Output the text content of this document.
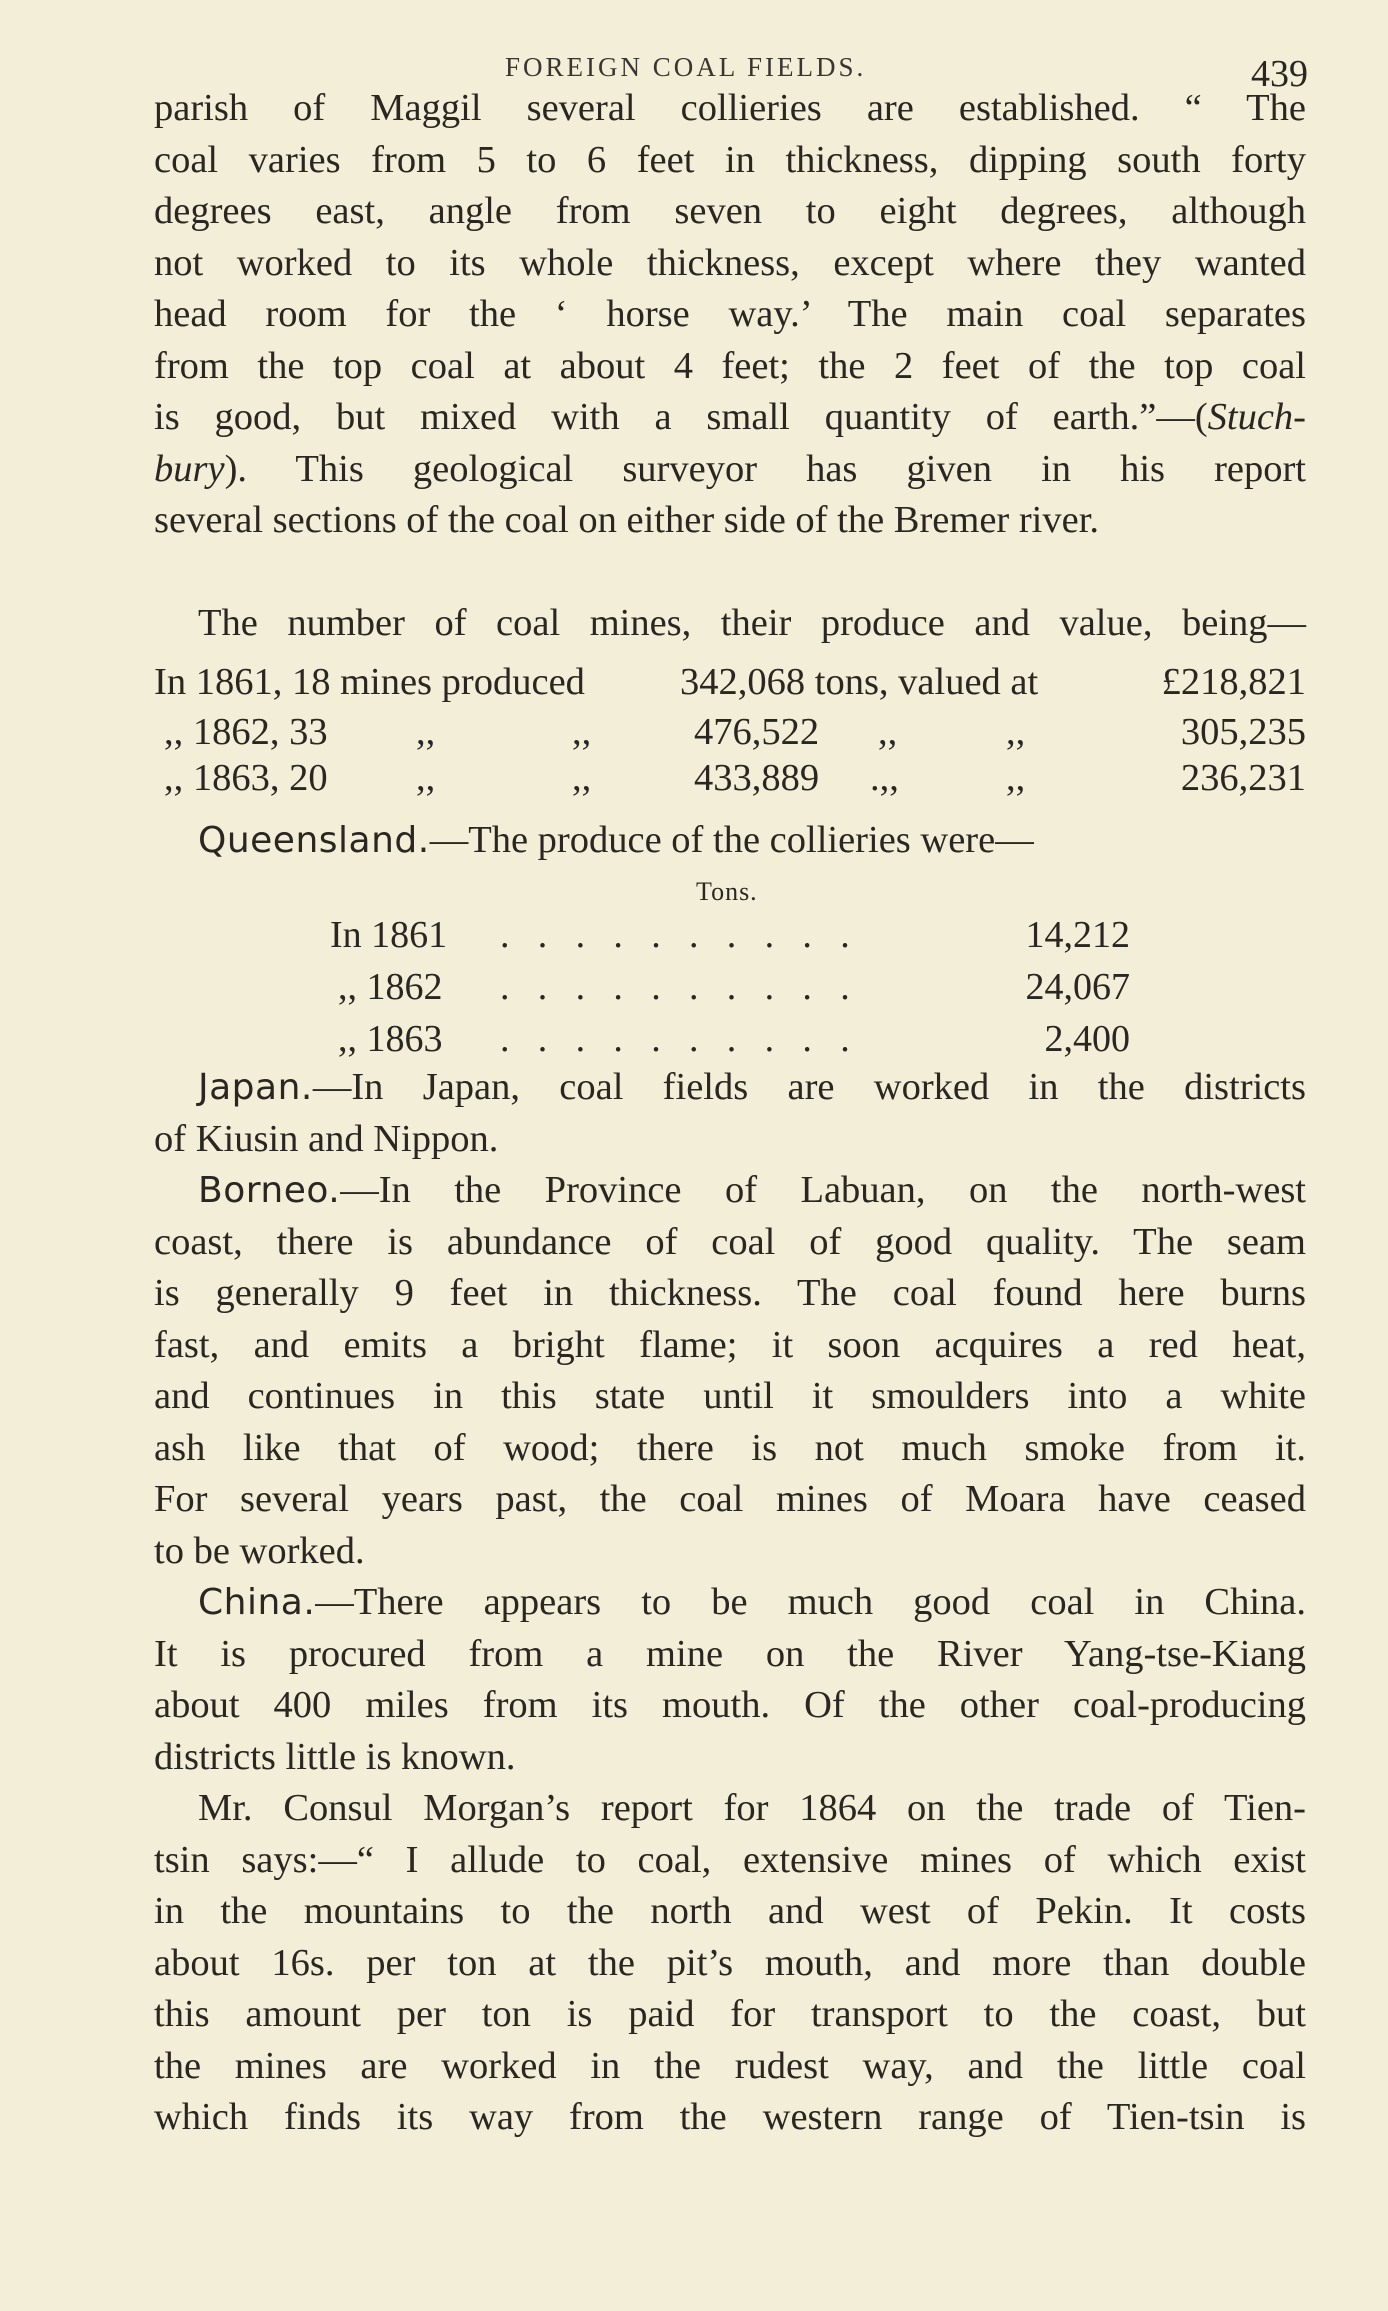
FOREIGN COAL FIELDS.	439
parish of Maggil several collieries are established. “ The
coal varies from 5 to 6 feet in thickness, dipping south forty
degrees east, angle from seven to eight degrees, although
not worked to its whole thickness, except where they wanted
head room for the ‘ horse way.’ The main coal separates
from the top coal at about 4 feet; the 2 feet of the top coal
is good, but mixed with a small quantity of earth.”—(Stuch-
bury). This geological surveyor has given in his report
several sections of the coal on either side of the Bremer river.
The number of coal mines, their produce and value, being—
In 1861, 18 mines produced 342,068 tons, valued at	£218,821
,, 1862, 33 ,,	,,	476,522 ,,	,,	305,235
,, 1863, 20 ,,	,,	433,889 .,,	,,	236,231
Queensland.—The produce of the collieries were—
Tons.
In 1861 . . . . . . . . . .	14,212
,, 1862 . . . . . . . . . .	24,067
,, 1863 . . . . . . . . . .	2,400
Japan.—In Japan, coal fields are worked in the districts
of Kiusin and Nippon.
Borneo.—In the Province of Labuan, on the north-west
coast, there is abundance of coal of good quality. The seam
is generally 9 feet in thickness. The coal found here burns
fast, and emits a bright flame; it soon acquires a red heat,
and continues in this state until it smoulders into a white
ash like that of wood; there is not much smoke from it.
For several years past, the coal mines of Moara have ceased
to be worked.
China.—There appears to be much good coal in China.
It is procured from a mine on the River Yang-tse-Kiang
about 400 miles from its mouth. Of the other coal-producing
districts little is known.
Mr. Consul Morgan’s report for 1864 on the trade of Tien-
tsin says:—“ I allude to coal, extensive mines of which exist
in the mountains to the north and west of Pekin. It costs
about 16s. per ton at the pit’s mouth, and more than double
this amount per ton is paid for transport to the coast, but
the mines are worked in the rudest way, and the little coal
which finds its way from the western range of Tien-tsin is
